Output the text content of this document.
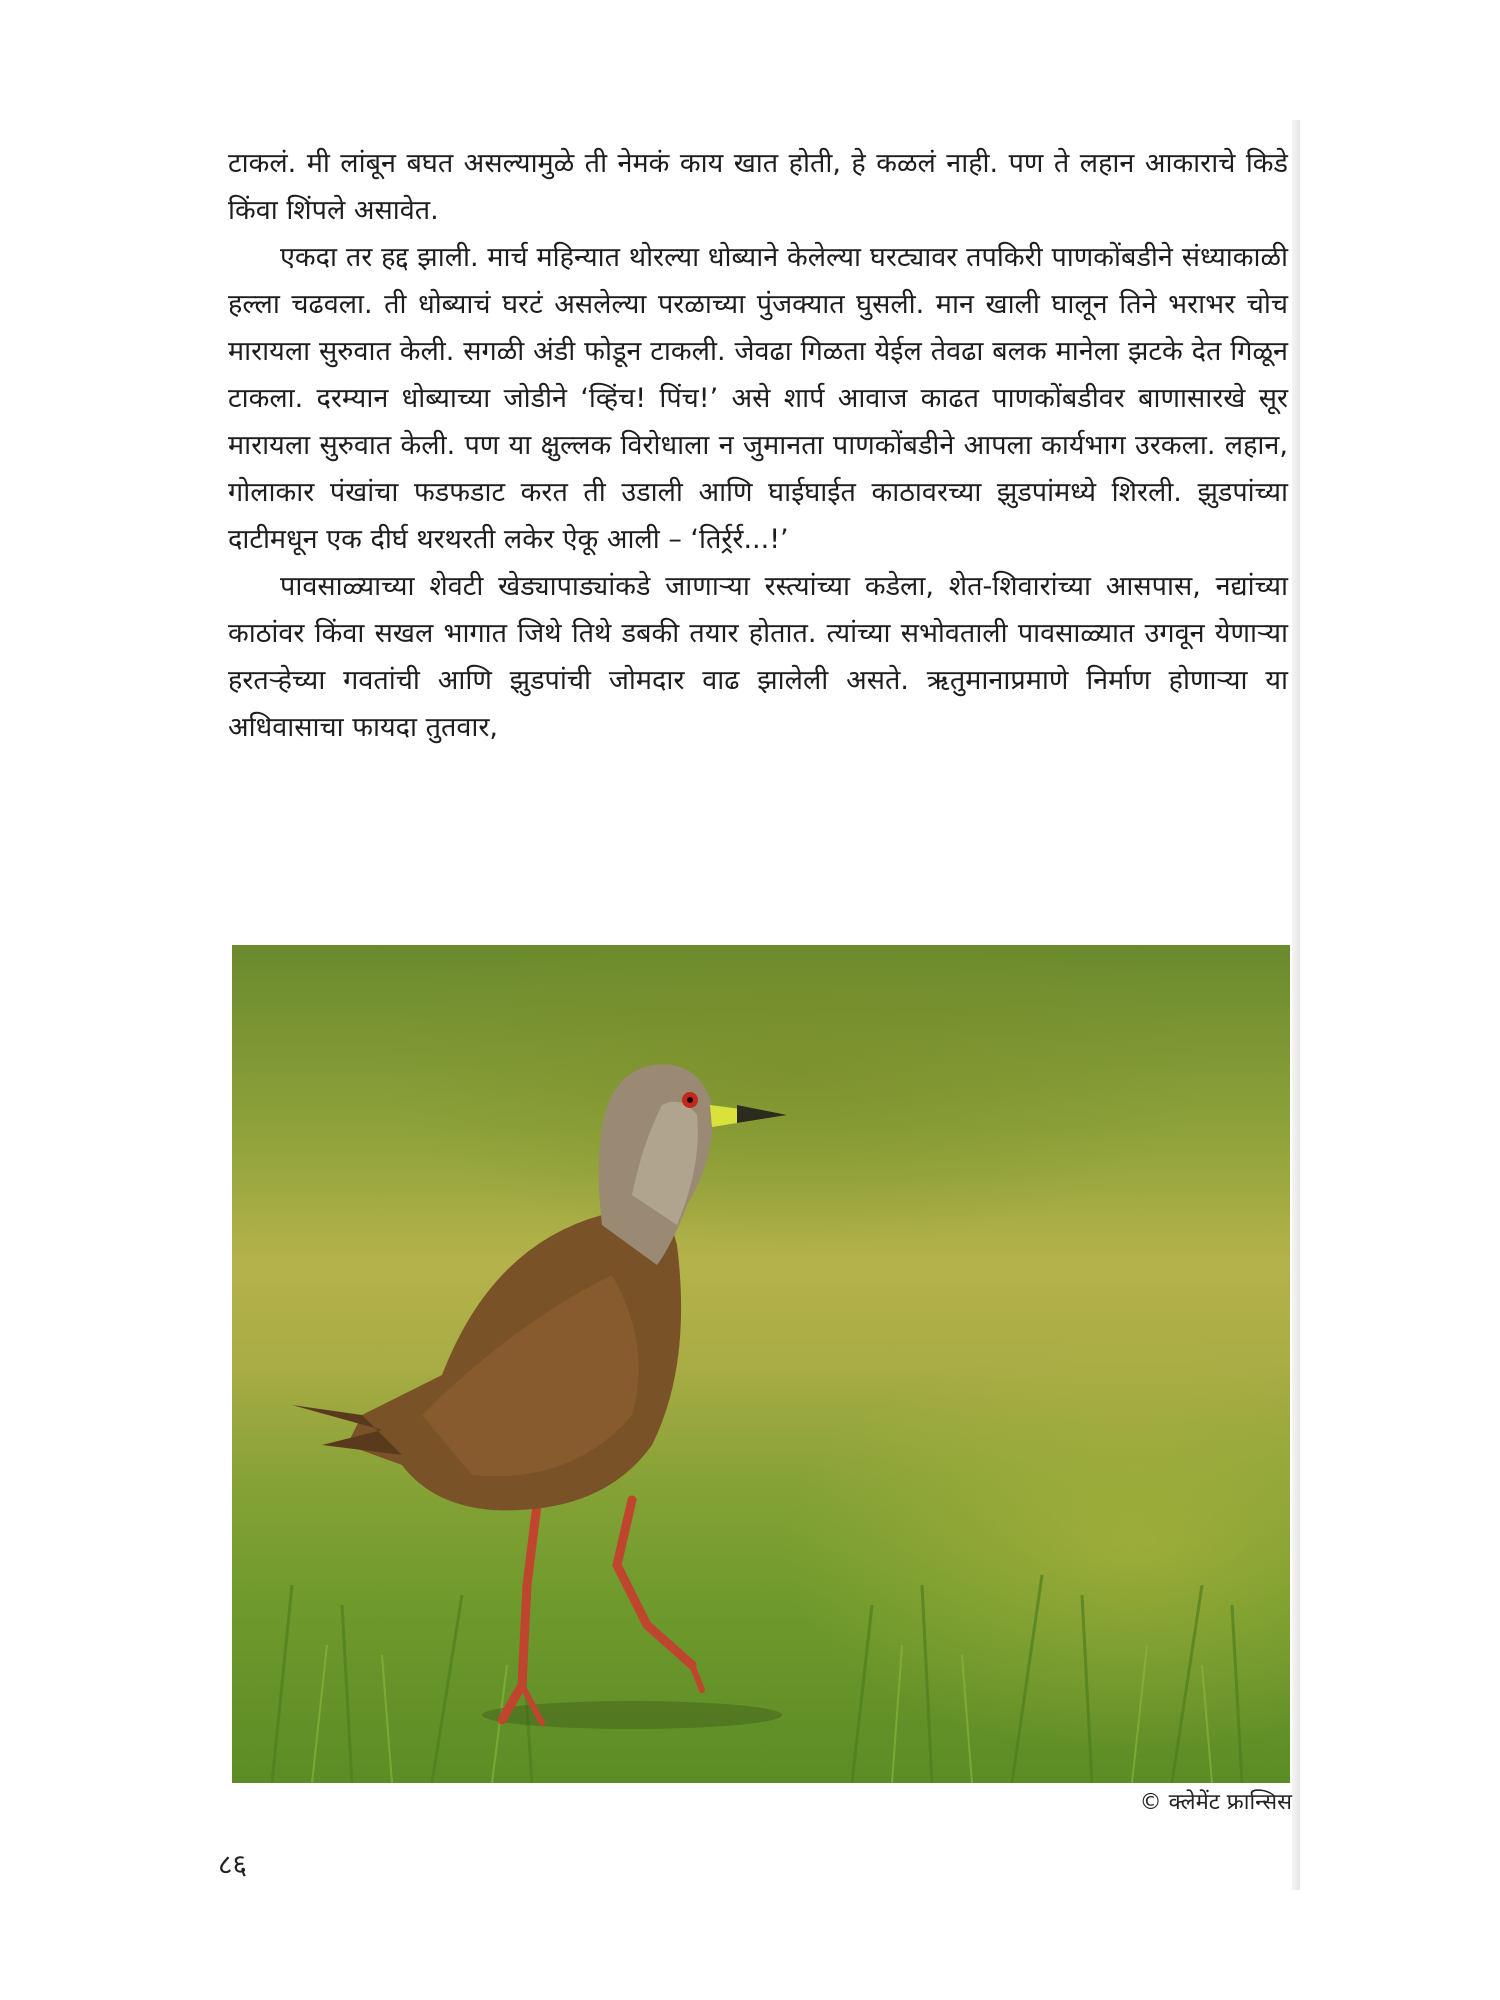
टाकलं. मी लांबून बघत असल्यामुळे ती नेमकं काय खात होती, हे कळलं नाही. पण ते लहान आकाराचे किडे किंवा शिंपले असावेत.

एकदा तर हद्द झाली. मार्च महिन्यात थोरल्या धोब्याने केलेल्या घरट्यावर तपकिरी पाणकोंबडीने संध्याकाळी हल्ला चढवला. ती धोब्याचं घरटं असलेल्या परळाच्या पुंजक्यात घुसली. मान खाली घालून तिने भराभर चोच मारायला सुरुवात केली. सगळी अंडी फोडून टाकली. जेवढा गिळता येईल तेवढा बलक मानेला झटके देत गिळून टाकला. दरम्यान धोब्याच्या जोडीने ‘व्हिंच! पिंच!’ असे शार्प आवाज काढत पाणकोंबडीवर बाणासारखे सूर मारायला सुरुवात केली. पण या क्षुल्लक विरोधाला न जुमानता पाणकोंबडीने आपला कार्यभाग उरकला. लहान, गोलाकार पंखांचा फडफडाट करत ती उडाली आणि घाईघाईत काठावरच्या झुडपांमध्ये शिरली. झुडपांच्या दाटीमधून एक दीर्घ थरथरती लकेर ऐकू आली – ‘तिर्र्रर्र...!’

पावसाळ्याच्या शेवटी खेड्यापाड्यांकडे जाणाऱ्या रस्त्यांच्या कडेला, शेत-शिवारांच्या आसपास, नद्यांच्या काठांवर किंवा सखल भागात जिथे तिथे डबकी तयार होतात. त्यांच्या सभोवताली पावसाळ्यात उगवून येणाऱ्या हरतऱ्हेच्या गवतांची आणि झुडपांची जोमदार वाढ झालेली असते. ऋतुमानाप्रमाणे निर्माण होणाऱ्या या अधिवासाचा फायदा तुतवार,

© क्लेमेंट फ्रान्सिस
८६
